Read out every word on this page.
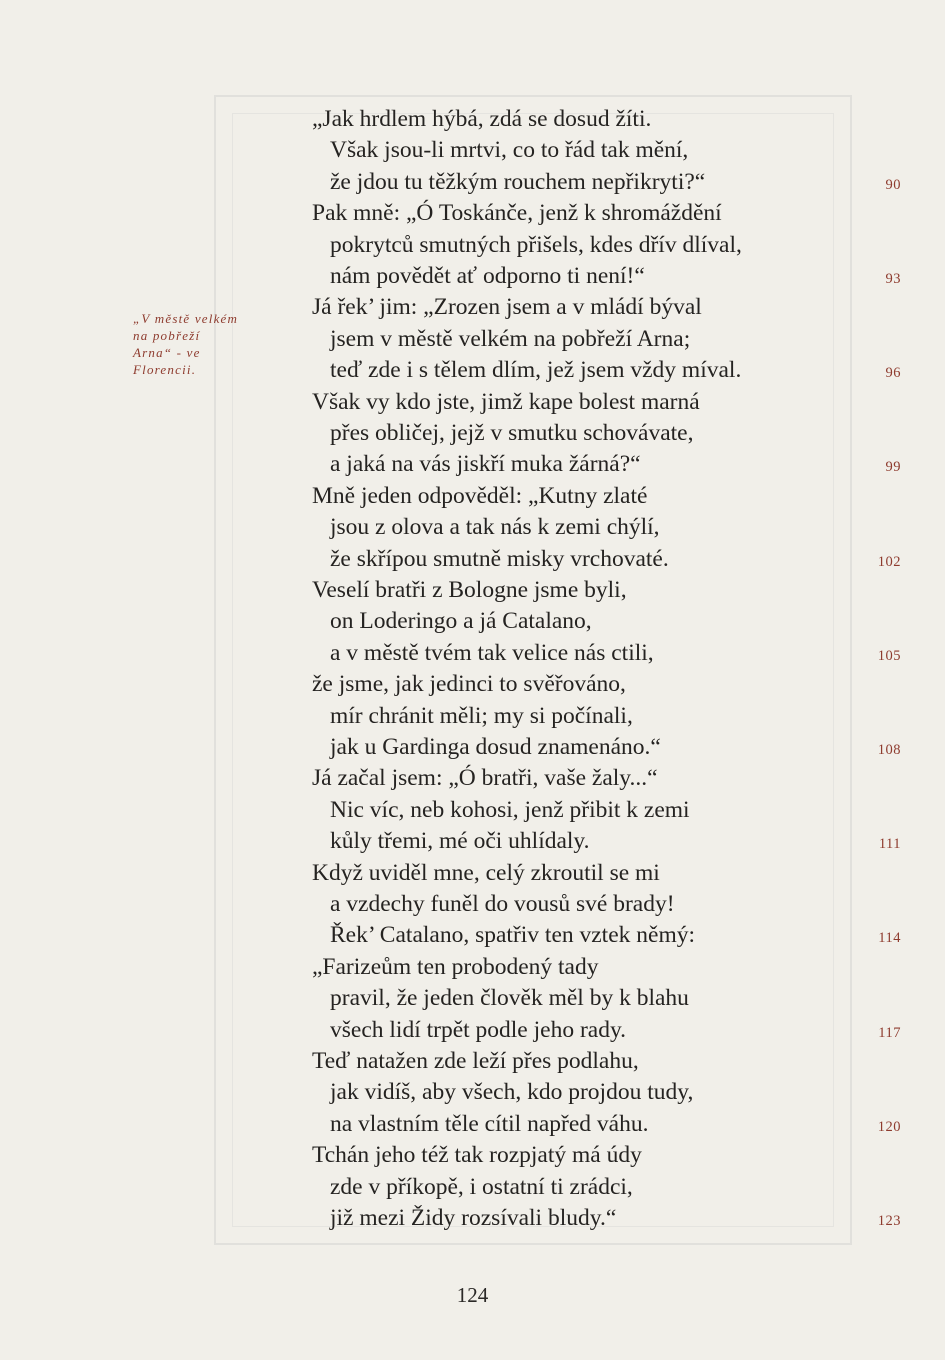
„V městě velkém
na pobřeží
Arna“ - ve
Florencii.
„Jak hrdlem hýbá, zdá se dosud žíti.
Však jsou-li mrtvi, co to řád tak mění,
že jdou tu těžkým rouchem nepřikryti?“	90
Pak mně: „Ó Toskánče, jenž k shromáždění
pokrytců smutných přišels, kdes dřív dlíval,
nám povědět ať odporno ti není!“	93
Já řek’ jim: „Zrozen jsem a v mládí býval
jsem v městě velkém na pobřeží Arna;
teď zde i s tělem dlím, jež jsem vždy míval.	96
Však vy kdo jste, jimž kape bolest marná
přes obličej, jejž v smutku schovávate,
a jaká na vás jiskří muka žárná?“	99
Mně jeden odpověděl: „Kutny zlaté
jsou z olova a tak nás k zemi chýlí,
že skřípou smutně misky vrchovaté.	102
Veselí bratři z Bologne jsme byli,
on Loderingo a já Catalano,
a v městě tvém tak velice nás ctili,	105
že jsme, jak jedinci to svěřováno,
mír chránit měli; my si počínali,
jak u Gardinga dosud znamenáno.“	108
Já začal jsem: „Ó bratři, vaše žaly...“
Nic víc, neb kohosi, jenž přibit k zemi
kůly třemi, mé oči uhlídaly.	111
Když uviděl mne, celý zkroutil se mi
a vzdechy funěl do vousů své brady!
Řek’ Catalano, spatřiv ten vztek němý:	114
„Farizeům ten probodený tady
pravil, že jeden člověk měl by k blahu
všech lidí trpět podle jeho rady.	117
Teď natažen zde leží přes podlahu,
jak vidíš, aby všech, kdo projdou tudy,
na vlastním těle cítil napřed váhu.	120
Tchán jeho též tak rozpjatý má údy
zde v příkopě, i ostatní ti zrádci,
již mezi Židy rozsívali bludy.“	123
124
